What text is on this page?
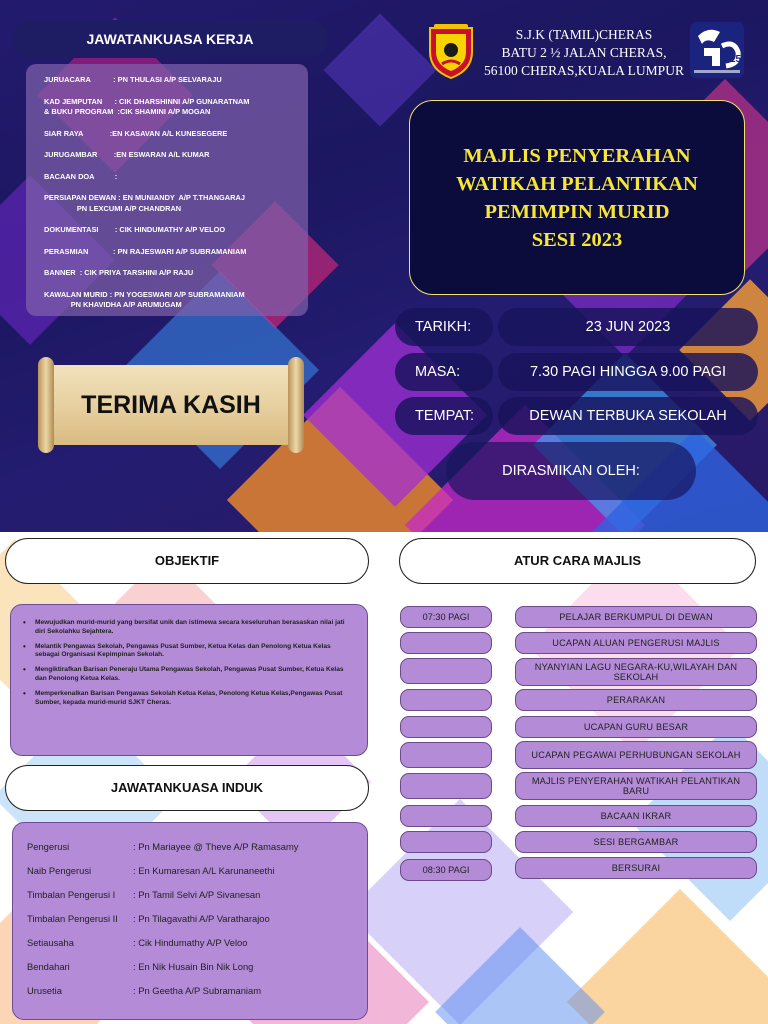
JAWATANKUASA KERJA
JURUACARA           : PN THULASI A/P SELVARAJU
KAD JEMPUTAN      : CIK DHARSHINNI A/P GUNARATNAM
& BUKU PROGRAM  :CIK SHAMINI A/P MOGAN
SIAR RAYA             :EN KASAVAN A/L KUNESEGERE
JURUGAMBAR        :EN ESWARAN A/L KUMAR
BACAAN DOA          :
PERSIAPAN DEWAN : EN MUNIANDY  A/P T.THANGARAJ
PN LEXCUMI A/P CHANDRAN
DOKUMENTASI        : CIK HINDUMATHY A/P VELOO
PERASMIAN            : PN RAJESWARI A/P SUBRAMANIAM
BANNER  : CIK PRIYA TARSHINI A/P RAJU
KAWALAN MURID : PN YOGESWARI A/P SUBRAMANIAM
PN KHAVIDHA A/P ARUMUGAM
TERIMA KASIH
S.J.K (TAMIL)CHERAS
BATU 2 ½ JALAN CHERAS,
56100 CHERAS,KUALA LUMPUR
25
MAJLIS PENYERAHAN
WATIKAH PELANTIKAN
PEMIMPIN MURID
SESI 2023
TARIKH:	23 JUN 2023
MASA:	7.30 PAGI HINGGA 9.00 PAGI
TEMPAT:	DEWAN TERBUKA SEKOLAH
DIRASMIKAN OLEH:
OBJEKTIF
• Mewujudkan murid-murid yang bersifat unik dan istimewa secara keseluruhan berasaskan nilai jati diri Sekolahku Sejahtera.
• Melantik Pengawas Sekolah, Pengawas Pusat Sumber, Ketua Kelas dan Penolong Ketua Kelas sebagai Organisasi Kepimpinan Sekolah.
• Mengiktirafkan Barisan Peneraju Utama Pengawas Sekolah, Pengawas Pusat Sumber, Ketua Kelas dan Penolong Ketua Kelas.
• Memperkenalkan Barisan Pengawas Sekolah Ketua Kelas, Penolong Ketua Kelas,Pengawas Pusat Sumber, kepada murid-murid SJKT Cheras.
JAWATANKUASA INDUK
Pengerusi	: Pn Mariayee @ Theve A/P Ramasamy
Naib Pengerusi	: En Kumaresan A/L Karunaneethi
Timbalan Pengerusi I	: Pn Tamil Selvi A/P Sivanesan
Timbalan Pengerusi II	: Pn Tilagavathi A/P Varatharajoo
Setiausaha	: Cik Hindumathy A/P Veloo
Bendahari	: En Nik Husain Bin Nik Long
Urusetia	: Pn Geetha A/P Subramaniam
ATUR CARA MAJLIS
07:30 PAGI	PELAJAR BERKUMPUL DI DEWAN
UCAPAN ALUAN PENGERUSI MAJLIS
NYANYIAN LAGU NEGARA-KU,WILAYAH DAN SEKOLAH
PERARAKAN
UCAPAN GURU BESAR
UCAPAN PEGAWAI PERHUBUNGAN SEKOLAH
MAJLIS PENYERAHAN WATIKAH PELANTIKAN BARU
BACAAN IKRAR
SESI BERGAMBAR
08:30 PAGI	BERSURAI
